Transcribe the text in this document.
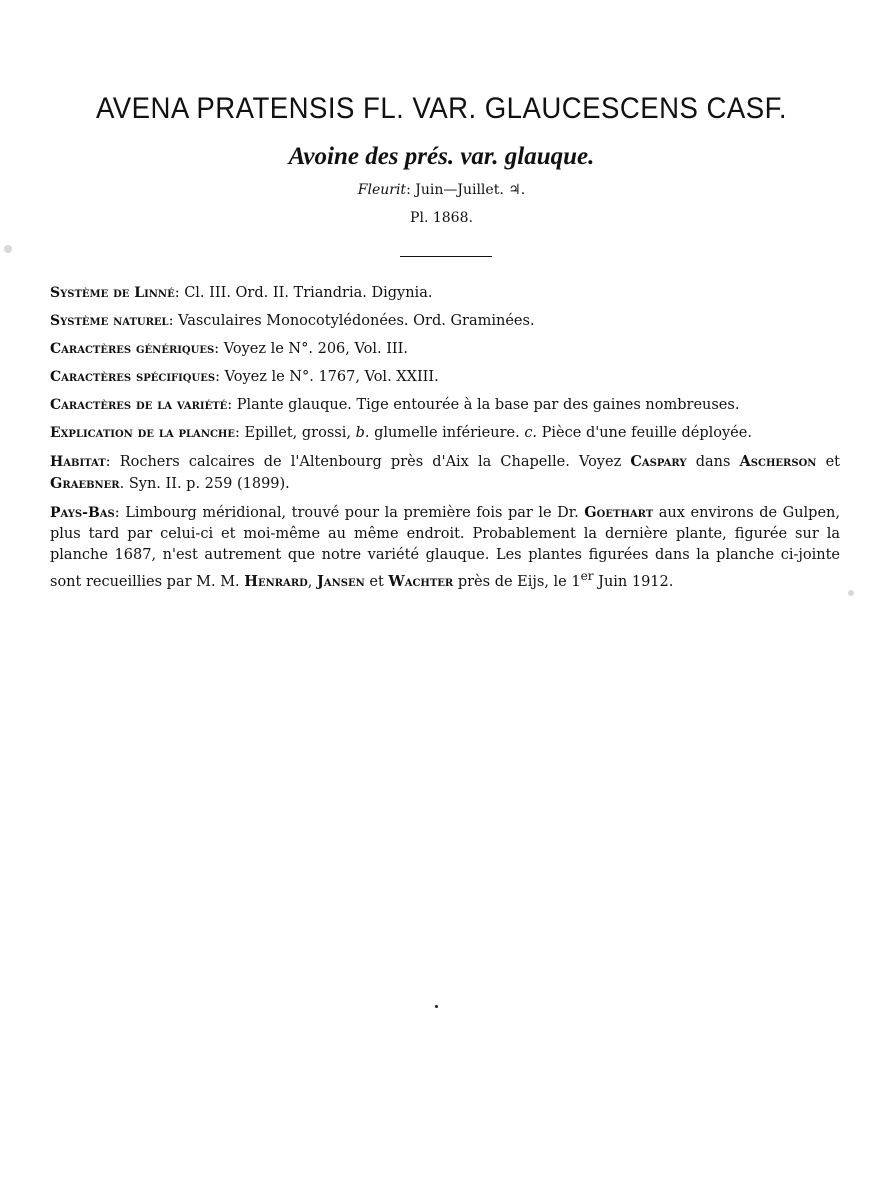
AVENA PRATENSIS FL. VAR. GLAUCESCENS CASF.
Avoine des prés. var. glauque.
Fleurit: Juin—Juillet. ♃.
Pl. 1868.

Système de Linné: Cl. III. Ord. II. Triandria. Digynia.

Système naturel: Vasculaires Monocotylédonées. Ord. Graminées.

Caractères génériques: Voyez le N°. 206, Vol. III.

Caractères spécifiques: Voyez le N°. 1767, Vol. XXIII.

Caractères de la variété: Plante glauque. Tige entourée à la base par des gaines nombreuses.

Explication de la planche: Epillet, grossi, b. glumelle inférieure. c. Pièce d'une feuille déployée.

Habitat: Rochers calcaires de l'Altenbourg près d'Aix la Chapelle. Voyez Caspary dans Ascherson et Graebner. Syn. II. p. 259 (1899).

Pays-Bas: Limbourg méridional, trouvé pour la première fois par le Dr. Goethart aux environs de Gulpen, plus tard par celui-ci et moi-même au même endroit. Probablement la dernière plante, figurée sur la planche 1687, n'est autrement que notre variété glauque. Les plantes figurées dans la planche ci-jointe sont recueillies par M. M. Henrard, Jansen et Wachter près de Eijs, le 1er Juin 1912.
